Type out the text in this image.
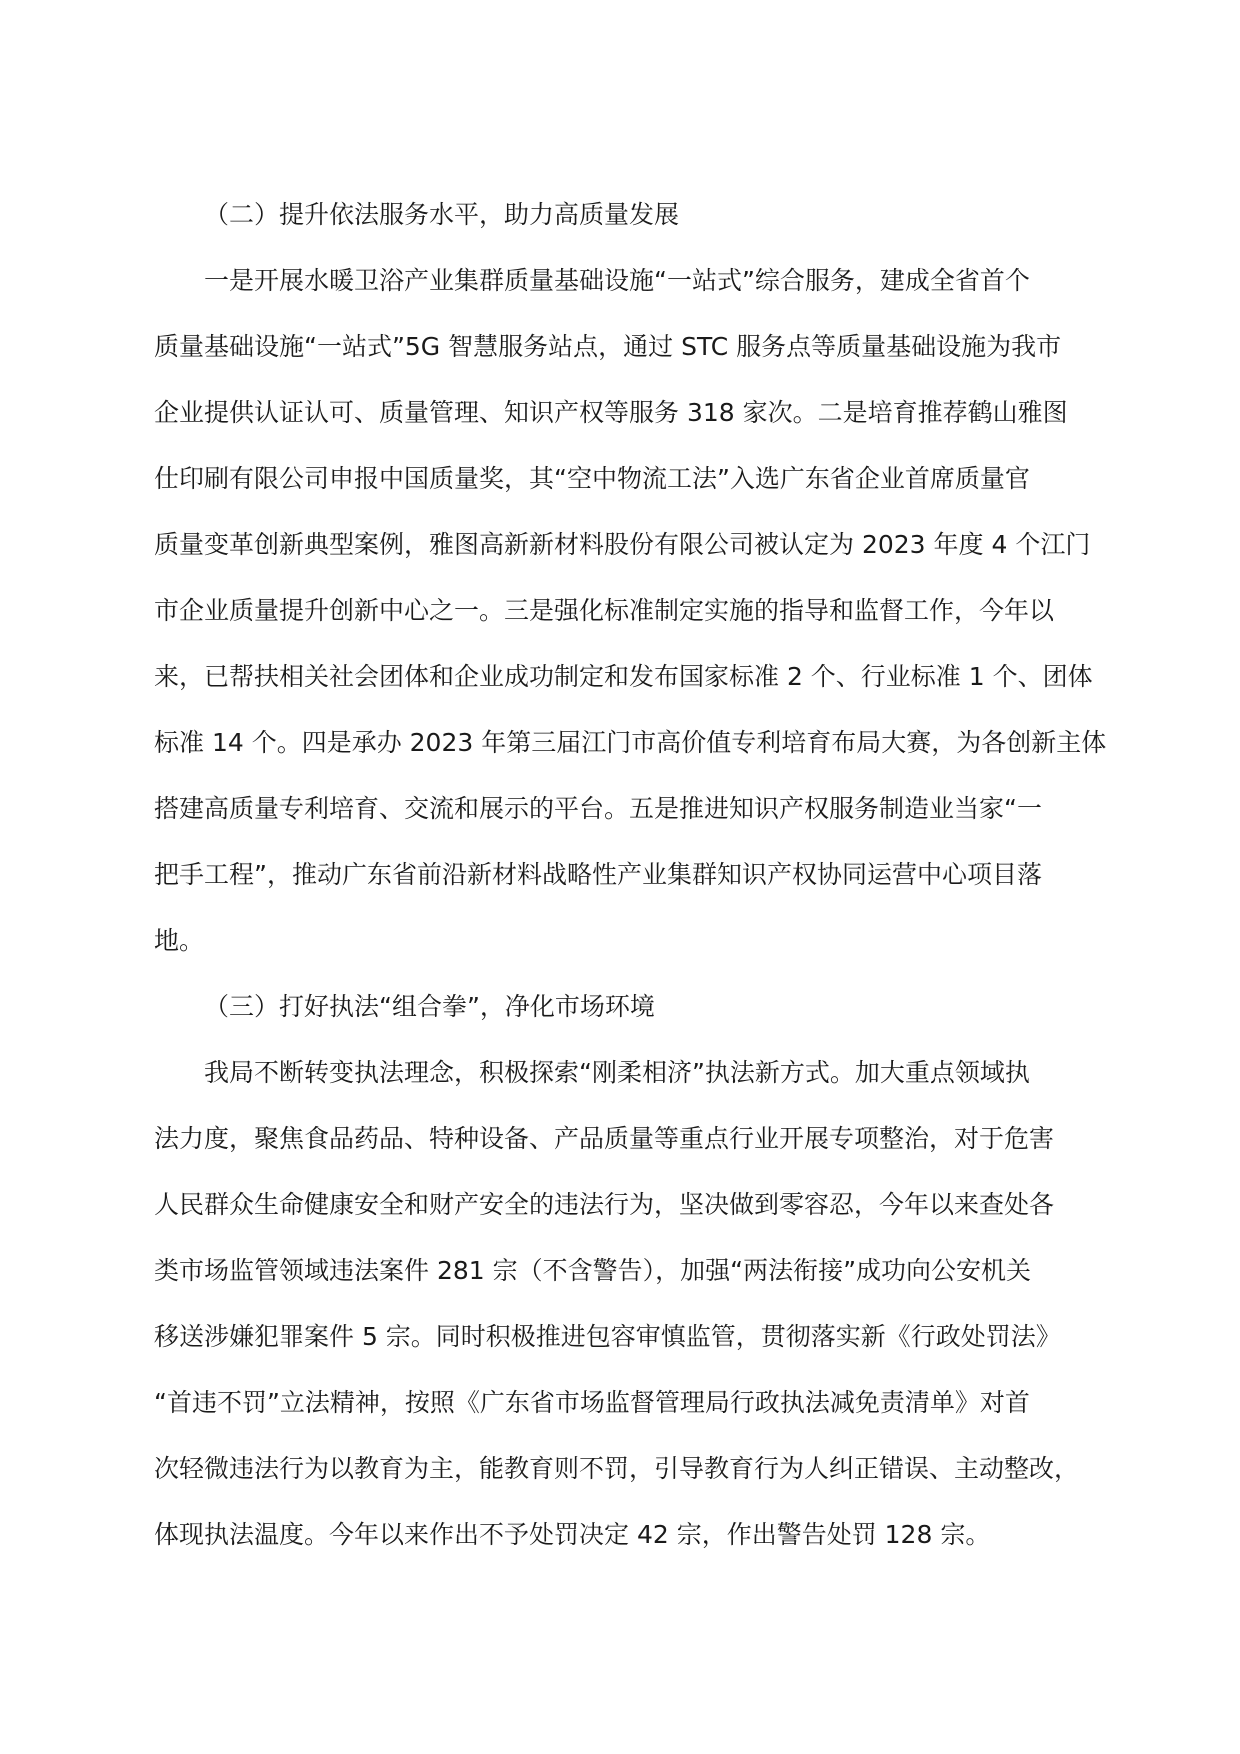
（二）提升依法服务水平，助力高质量发展

一是开展水暖卫浴产业集群质量基础设施“一站式”综合服务，建成全省首个
质量基础设施“一站式”5G 智慧服务站点，通过 STC 服务点等质量基础设施为我市
企业提供认证认可、质量管理、知识产权等服务 318 家次。二是培育推荐鹤山雅图
仕印刷有限公司申报中国质量奖，其“空中物流工法”入选广东省企业首席质量官
质量变革创新典型案例，雅图高新新材料股份有限公司被认定为 2023 年度 4 个江门
市企业质量提升创新中心之一。三是强化标准制定实施的指导和监督工作，今年以
来，已帮扶相关社会团体和企业成功制定和发布国家标准 2 个、行业标准 1 个、团体
标准 14 个。四是承办 2023 年第三届江门市高价值专利培育布局大赛，为各创新主体
搭建高质量专利培育、交流和展示的平台。五是推进知识产权服务制造业当家“一
把手工程”，推动广东省前沿新材料战略性产业集群知识产权协同运营中心项目落
地。

（三）打好执法“组合拳”，净化市场环境

我局不断转变执法理念，积极探索“刚柔相济”执法新方式。加大重点领域执
法力度，聚焦食品药品、特种设备、产品质量等重点行业开展专项整治，对于危害
人民群众生命健康安全和财产安全的违法行为，坚决做到零容忍，今年以来查处各
类市场监管领域违法案件 281 宗（不含警告），加强“两法衔接”成功向公安机关
移送涉嫌犯罪案件 5 宗。同时积极推进包容审慎监管，贯彻落实新《行政处罚法》
“首违不罚”立法精神，按照《广东省市场监督管理局行政执法减免责清单》对首
次轻微违法行为以教育为主，能教育则不罚，引导教育行为人纠正错误、主动整改，
体现执法温度。今年以来作出不予处罚决定 42 宗，作出警告处罚 128 宗。
